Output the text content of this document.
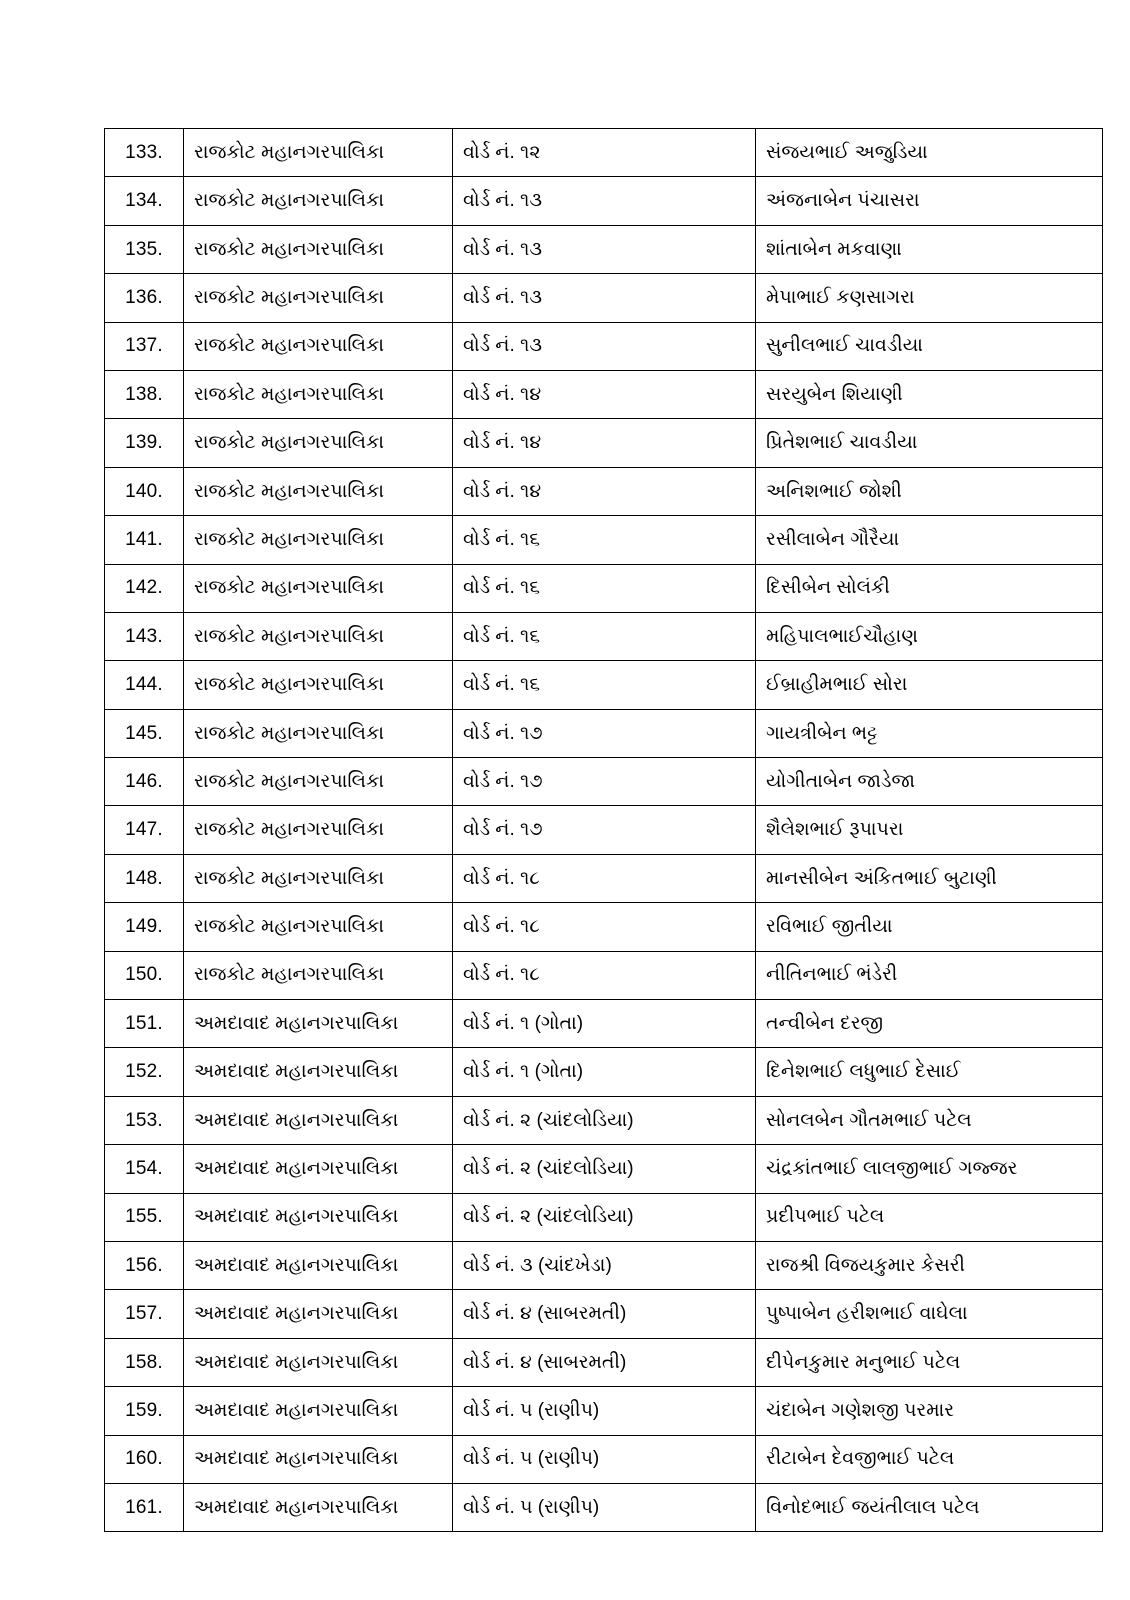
133.	રાજકોટ મહાનગરપાલિકા	વોર્ડ નં. ૧૨	સંજયભાઈ અજુડિયા
134.	રાજકોટ મહાનગરપાલિકા	વોર્ડ નં. ૧૩	અંજનાબેન પંચાસરા
135.	રાજકોટ મહાનગરપાલિકા	વોર્ડ નં. ૧૩	શાંતાબેન મકવાણા
136.	રાજકોટ મહાનગરપાલિકા	વોર્ડ નં. ૧૩	મેપાભાઈ કણસાગરા
137.	રાજકોટ મહાનગરપાલિકા	વોર્ડ નં. ૧૩	સુનીલભાઈ ચાવડીયા
138.	રાજકોટ મહાનગરપાલિકા	વોર્ડ નં. ૧૪	સરયુબેન શિયાણી
139.	રાજકોટ મહાનગરપાલિકા	વોર્ડ નં. ૧૪	પ્રિતેશભાઈ ચાવડીયા
140.	રાજકોટ મહાનગરપાલિકા	વોર્ડ નં. ૧૪	અનિશભાઈ જોશી
141.	રાજકોટ મહાનગરપાલિકા	વોર્ડ નં. ૧૬	રસીલાબેન ગૌરૈયા
142.	રાજકોટ મહાનગરપાલિકા	વોર્ડ નં. ૧૬	દિસીબેન સોલંકી
143.	રાજકોટ મહાનગરપાલિકા	વોર્ડ નં. ૧૬	મહિપાલભાઈચૌહાણ
144.	રાજકોટ મહાનગરપાલિકા	વોર્ડ નં. ૧૬	ઈબ્રાહીમભાઈ સોરા
145.	રાજકોટ મહાનગરપાલિકા	વોર્ડ નં. ૧૭	ગાયત્રીબેન ભટ્ટ
146.	રાજકોટ મહાનગરપાલિકા	વોર્ડ નં. ૧૭	યોગીતાબેન જાડેજા
147.	રાજકોટ મહાનગરપાલિકા	વોર્ડ નં. ૧૭	શૈલેશભાઈ રૂપાપરા
148.	રાજકોટ મહાનગરપાલિકા	વોર્ડ નં. ૧૮	માનસીબેન અંકિતભાઈ બુટાણી
149.	રાજકોટ મહાનગરપાલિકા	વોર્ડ નં. ૧૮	રવિભાઈ જીતીયા
150.	રાજકોટ મહાનગરપાલિકા	વોર્ડ નં. ૧૮	નીતિનભાઈ ભંડેરી
151.	અમદાવાદ મહાનગરપાલિકા	વોર્ડ નં. ૧ (ગોતા)	તન્વીબેન દરજી
152.	અમદાવાદ મહાનગરપાલિકા	વોર્ડ નં. ૧ (ગોતા)	દિનેશભાઈ લધુભાઈ દેસાઈ
153.	અમદાવાદ મહાનગરપાલિકા	વોર્ડ નં. ૨ (ચાંદલોડિયા)	સોનલબેન ગૌતમભાઈ પટેલ
154.	અમદાવાદ મહાનગરપાલિકા	વોર્ડ નં. ૨ (ચાંદલોડિયા)	ચંદ્રકાંતભાઈ લાલજીભાઈ ગજ્જર
155.	અમદાવાદ મહાનગરપાલિકા	વોર્ડ નં. ૨ (ચાંદલોડિયા)	પ્રદીપભાઈ પટેલ
156.	અમદાવાદ મહાનગરપાલિકા	વોર્ડ નં. ૩ (ચાંદખેડા)	રાજશ્રી વિજયકુમાર કેસરી
157.	અમદાવાદ મહાનગરપાલિકા	વોર્ડ નં. ૪ (સાબરમતી)	પુષ્પાબેન હરીશભાઈ વાઘેલા
158.	અમદાવાદ મહાનગરપાલિકા	વોર્ડ નં. ૪ (સાબરમતી)	દીપેનકુમાર મનુભાઈ પટેલ
159.	અમદાવાદ મહાનગરપાલિકા	વોર્ડ નં. ૫ (રાણીપ)	ચંદાબેન ગણેશજી પરમાર
160.	અમદાવાદ મહાનગરપાલિકા	વોર્ડ નં. ૫ (રાણીપ)	રીટાબેન દેવજીભાઈ પટેલ
161.	અમદાવાદ મહાનગરપાલિકા	વોર્ડ નં. ૫ (રાણીપ)	વિનોદભાઈ જયંતીલાલ પટેલ
